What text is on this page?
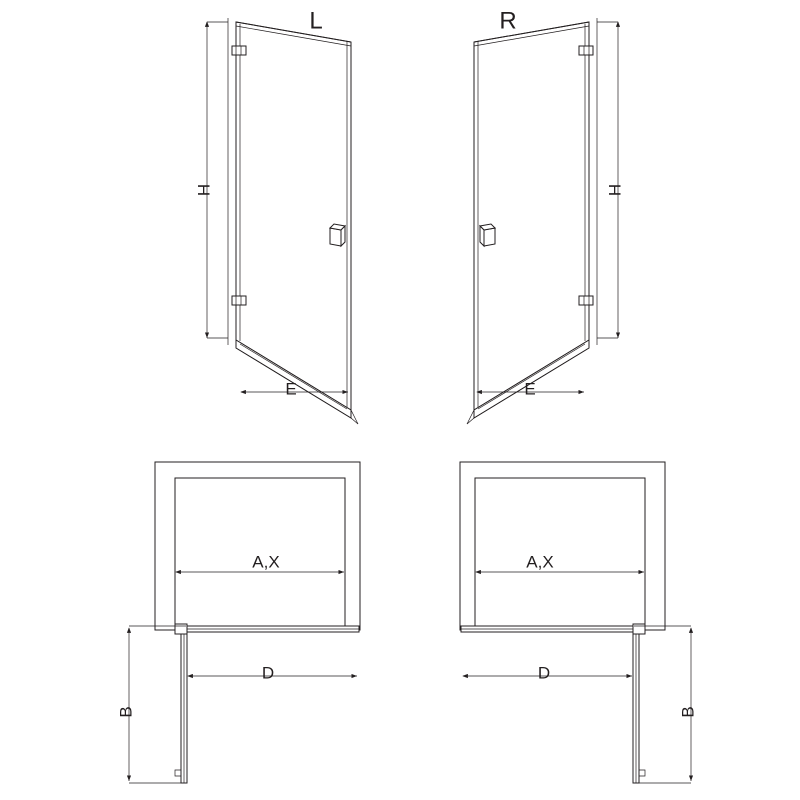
H
E
L
H
E
R
A,X
D
B
A,X
D
B
